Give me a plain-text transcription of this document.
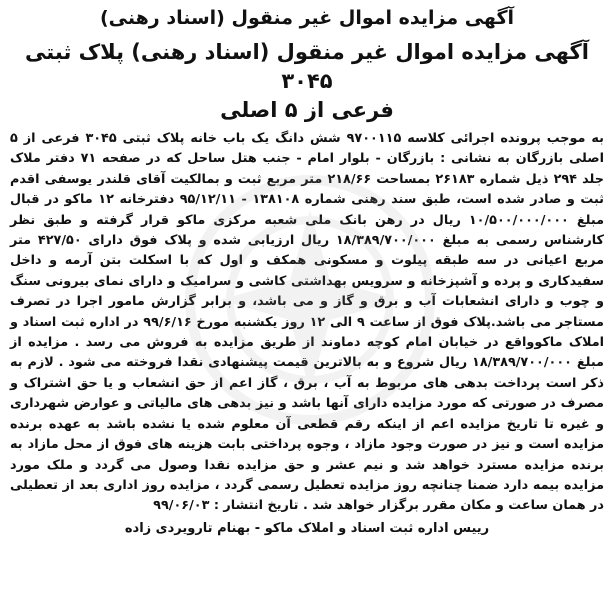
آگهی مزایده اموال غیر منقول (اسناد رهنی)
آگهی مزایده اموال غیر منقول (اسناد رهنی) پلاک ثبتی ۳۰۴۵
فرعی از ۵ اصلی

به موجب پرونده اجرائی کلاسه ۹۷۰۰۱۱۵ شش دانگ یک باب خانه پلاک ثبتی ۳۰۴۵ فرعی از ۵ اصلی بازرگان به نشانی : بازرگان - بلوار امام - جنب هتل ساحل که در صفحه ۷۱ دفتر ملاک جلد ۲۹۴ ذیل شماره ۲۶۱۸۳ بمساحت ۲۱۸/۶۶ متر مربع ثبت و بمالکیت آقای قلندر یوسفی اقدم ثبت و صادر شده است، طبق سند رهنی شماره ۱۳۸۱۰۸ - ۹۵/۱۲/۱۱ دفترخانه ۱۲ ماکو در قبال مبلغ ۱۰/۵۰۰/۰۰۰/۰۰۰ ریال در رهن بانک ملی شعبه مرکزی ماکو قرار گرفته و طبق نظر کارشناس رسمی به مبلغ ۱۸/۳۸۹/۷۰۰/۰۰۰ ریال ارزیابی شده و پلاک فوق دارای ۴۲۷/۵۰ متر مربع اعیانی در سه طبقه پیلوت و مسکونی همکف و اول که با اسکلت بتن آرمه و داخل سفیدکاری و پرده و آشپزخانه و سرویس بهداشتی کاشی و سرامیک و دارای نمای بیرونی سنگ و چوب و دارای انشعابات آب و برق و گاز و می باشد، و برابر گزارش مامور اجرا در تصرف مستاجر می باشد.پلاک فوق از ساعت ۹ الی ۱۲ روز یکشنبه مورخ ۹۹/۶/۱۶ در اداره ثبت اسناد و املاک ماکوواقع در خیابان امام کوچه دماوند از طریق مزایده به فروش می رسد . مزایده از مبلغ ۱۸/۳۸۹/۷۰۰/۰۰۰ ریال شروع و به بالاترین قیمت پیشنهادی نقدا فروخته می شود . لازم به ذکر است پرداخت بدهی های مربوط به آب ، برق ، گاز اعم از حق انشعاب و یا حق اشتراک و مصرف در صورتی که مورد مزایده دارای آنها باشد و نیز بدهی های مالیاتی و عوارض شهرداری و غیره تا تاریخ مزایده اعم از اینکه رقم قطعی آن معلوم شده یا نشده باشد به عهده برنده مزایده است و نیز در صورت وجود مازاد ، وجوه پرداختی بابت هزینه های فوق از محل مازاد به برنده مزایده مسترد خواهد شد و نیم عشر و حق مزایده نقدا وصول می گردد و ملک مورد مزایده بیمه دارد ضمنا چنانچه روز مزایده تعطیل رسمی گردد ، مزایده روز اداری بعد از تعطیلی در همان ساعت و مکان مقرر برگزار خواهد شد . تاریخ انتشار : ۹۹/۰۶/۰۳

رییس اداره ثبت اسناد و املاک ماکو - بهنام تارویردی زاده
